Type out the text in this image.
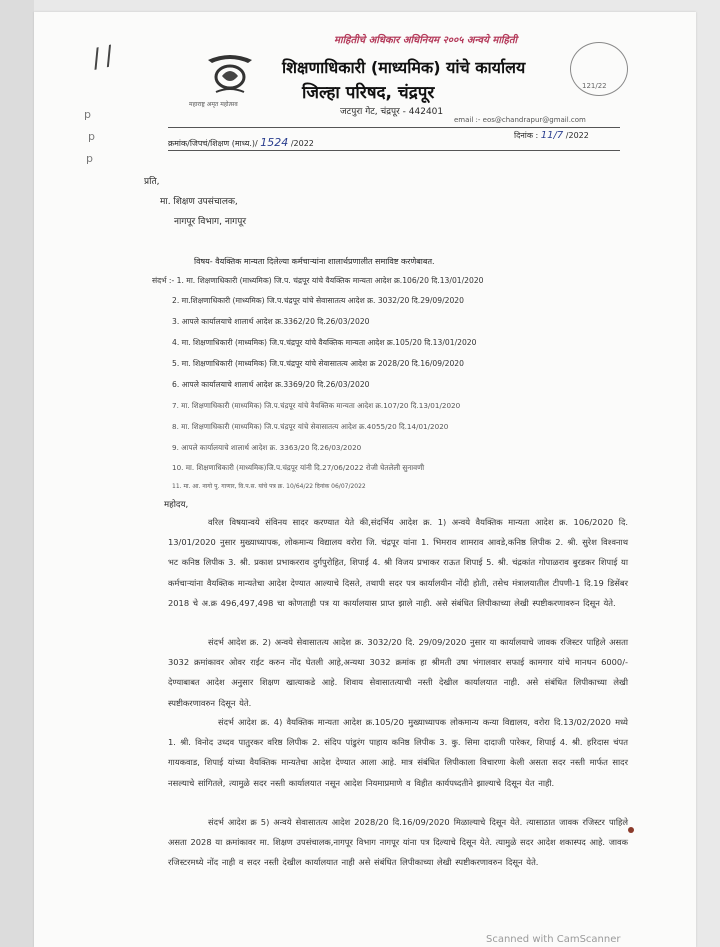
//
p
p
p
महाराष्ट्र अमृत महोत्सव
माहितीचे अधिकार अधिनियम २००५ अन्वये माहिती
121/22
शिक्षणाधिकारी (माध्यमिक) यांचे कार्यालय
जिल्हा परिषद, चंद्रपूर
जटपुरा गेट, चंद्रपूर - 442401
email :- eos@chandrapur@gmail.com
क्रमांक/जिपचं/शिक्षण (माध्य.)/ 1524 /2022
दिनांक : 11/7 /2022
प्रति,
मा. शिक्षण उपसंचालक,
नागपूर विभाग, नागपूर
विषय- वैयक्तिक मान्यता दिलेल्या कर्मचाऱ्यांना शालार्थप्रणालीत समाविष्ट करणेबाबत.
संदर्भ :- 1. मा. शिक्षणाधिकारी (माध्यमिक) जि.प. चंद्रपूर यांचे वैयक्तिक मान्यता आदेश क्र.106/20 दि.13/01/2020
2. मा.शिक्षणाधिकारी (माध्यमिक) जि.प.चंद्रपूर यांचे सेवासातत्य आदेश क्र. 3032/20 दि.29/09/2020
3. आपले कार्यालयाचे शालार्थ आदेश क्र.3362/20 दि.26/03/2020
4. मा. शिक्षणाधिकारी (माध्यमिक) जि.प.चंद्रपूर यांचे वैयक्तिक मान्यता आदेश क्र.105/20 दि.13/01/2020
5. मा. शिक्षणाधिकारी (माध्यमिक) जि.प.चंद्रपूर यांचे सेवासातत्य आदेश क्र 2028/20 दि.16/09/2020
6. आपले कार्यालयाचे शालार्थ आदेश क्र.3369/20 दि.26/03/2020
7. मा. शिक्षणाधिकारी (माध्यमिक) जि.प.चंद्रपूर यांचे वैयक्तिक मान्यता आदेश क्र.107/20 दि.13/01/2020
8. मा. शिक्षणाधिकारी (माध्यमिक) जि.प.चंद्रपूर यांचे सेवासातत्य आदेश क्र.4055/20 दि.14/01/2020
9. आपले कार्यालयाचे शालार्थ आदेश क्र. 3363/20 दि.26/03/2020
10. मा. शिक्षणाधिकारी (माध्यमिक)जि.प.चंद्रपूर यांनी दि.27/06/2022 रोजी घेतलेली सुनावणी
11. मा. आ. नागो पु. गाणार, वि.प.स. यांचे पत्र क्र. 10/64/22 दिनांक 06/07/2022
महोदय,
वरिल विषयान्वये संविनय सादर करण्यात येते की,संदर्भिय आदेश क्र. 1) अन्वये वैयक्तिक मान्यता आदेश क्र. 106/2020 दि. 13/01/2020 नुसार मुख्याध्यापक, लोकमान्य विद्यालय वरोरा जि. चंद्रपूर यांना 1. भिमराव शामराव आवडे,कनिष्ठ लिपीक 2. श्री. सुरेश विश्वनाथ भट कनिष्ठ लिपीक 3. श्री. प्रकाश प्रभाकरराव दुर्गपुरोहित, शिपाई 4. श्री विजय प्रभाकर राऊत शिपाई 5. श्री. चंद्रकांत गोपाळराव बुरडकर शिपाई या कर्मचाऱ्यांना वैयक्तिक मान्यतेचा आदेश देण्यात आल्याचे दिसते, तथापी सदर पत्र कार्यालयीन नोंदी होती, तसेच मंत्रालयातील टीपणी-1 दि.19 डिसेंबर 2018 चे अ.क्र 496,497,498 चा कोणताही पत्र या कार्यालयास प्राप्त झाले नाही. असे संबंधित लिपीकाच्या लेखी स्पष्टीकरणावरुन दिसून येते.
संदर्भ आदेश क्र. 2) अन्वये सेवासातत्य आदेश क्र. 3032/20 दि. 29/09/2020 नुसार या कार्यालयाचे जावक रजिस्टर पाहिले असता 3032 क्रमांकावर ओवर राईट करुन नोंद घेतली आहे,अन्यथा 3032 क्रमांक हा श्रीमती उषा भंगालवार सफाई कामगार यांचे मानधन 6000/- देण्याबाबत आदेश अनुसार शिक्षण खात्याकडे आहे. शिवाय सेवासातत्याची नस्ती देखील कार्यालयात नाही. असे संबंधित लिपीकाच्या लेखी स्पष्टीकरणावरुन दिसून येते.
संदर्भ आदेश क्र. 4) वैयक्तिक मान्यता आदेश क्र.105/20 मुख्याध्यापक लोकमान्य कन्या विद्यालय, वरोरा दि.13/02/2020 मध्ये 1. श्री. विनोद उध्दव पातुरकर वरिष्ठ लिपीक 2. संदिप पांडुरंग पाहाय कनिष्ठ लिपीक 3. कु. सिमा दादाजी पारेकर, शिपाई 4. श्री. हरिदास चंपत गायकवाड, शिपाई यांच्या वैयक्तिक मान्यतेचा आदेश देण्यात आला आहे. मात्र संबंधित लिपीकाला विचारणा केली असता सदर नस्ती मार्फत सादर नसल्याचे सांगितले, त्यामुळे सदर नस्ती कार्यालयात नसून आदेश नियमाप्रमाणे व विहीत कार्यपध्दतीने झाल्याचे दिसून येत नाही.
संदर्भ आदेश क्र 5) अन्वये सेवासातत्य आदेश 2028/20 दि.16/09/2020 मिळाल्याचे दिसून येते. त्यासाठात जावक रजिस्टर पाहिले असता 2028 या क्रमांकावर मा. शिक्षण उपसंचालक,नागपूर विभाग नागपूर यांना पत्र दिल्याचे दिसून येते. त्यामुळे सदर आदेश शकास्पद आहे. जावक रजिस्टरमध्ये नोंद नाही व सदर नस्ती देखील कार्यालयात नाही असे संबंधित लिपीकाच्या लेखी स्पष्टीकरणावरुन दिसून येते.
Scanned with CamScanner
